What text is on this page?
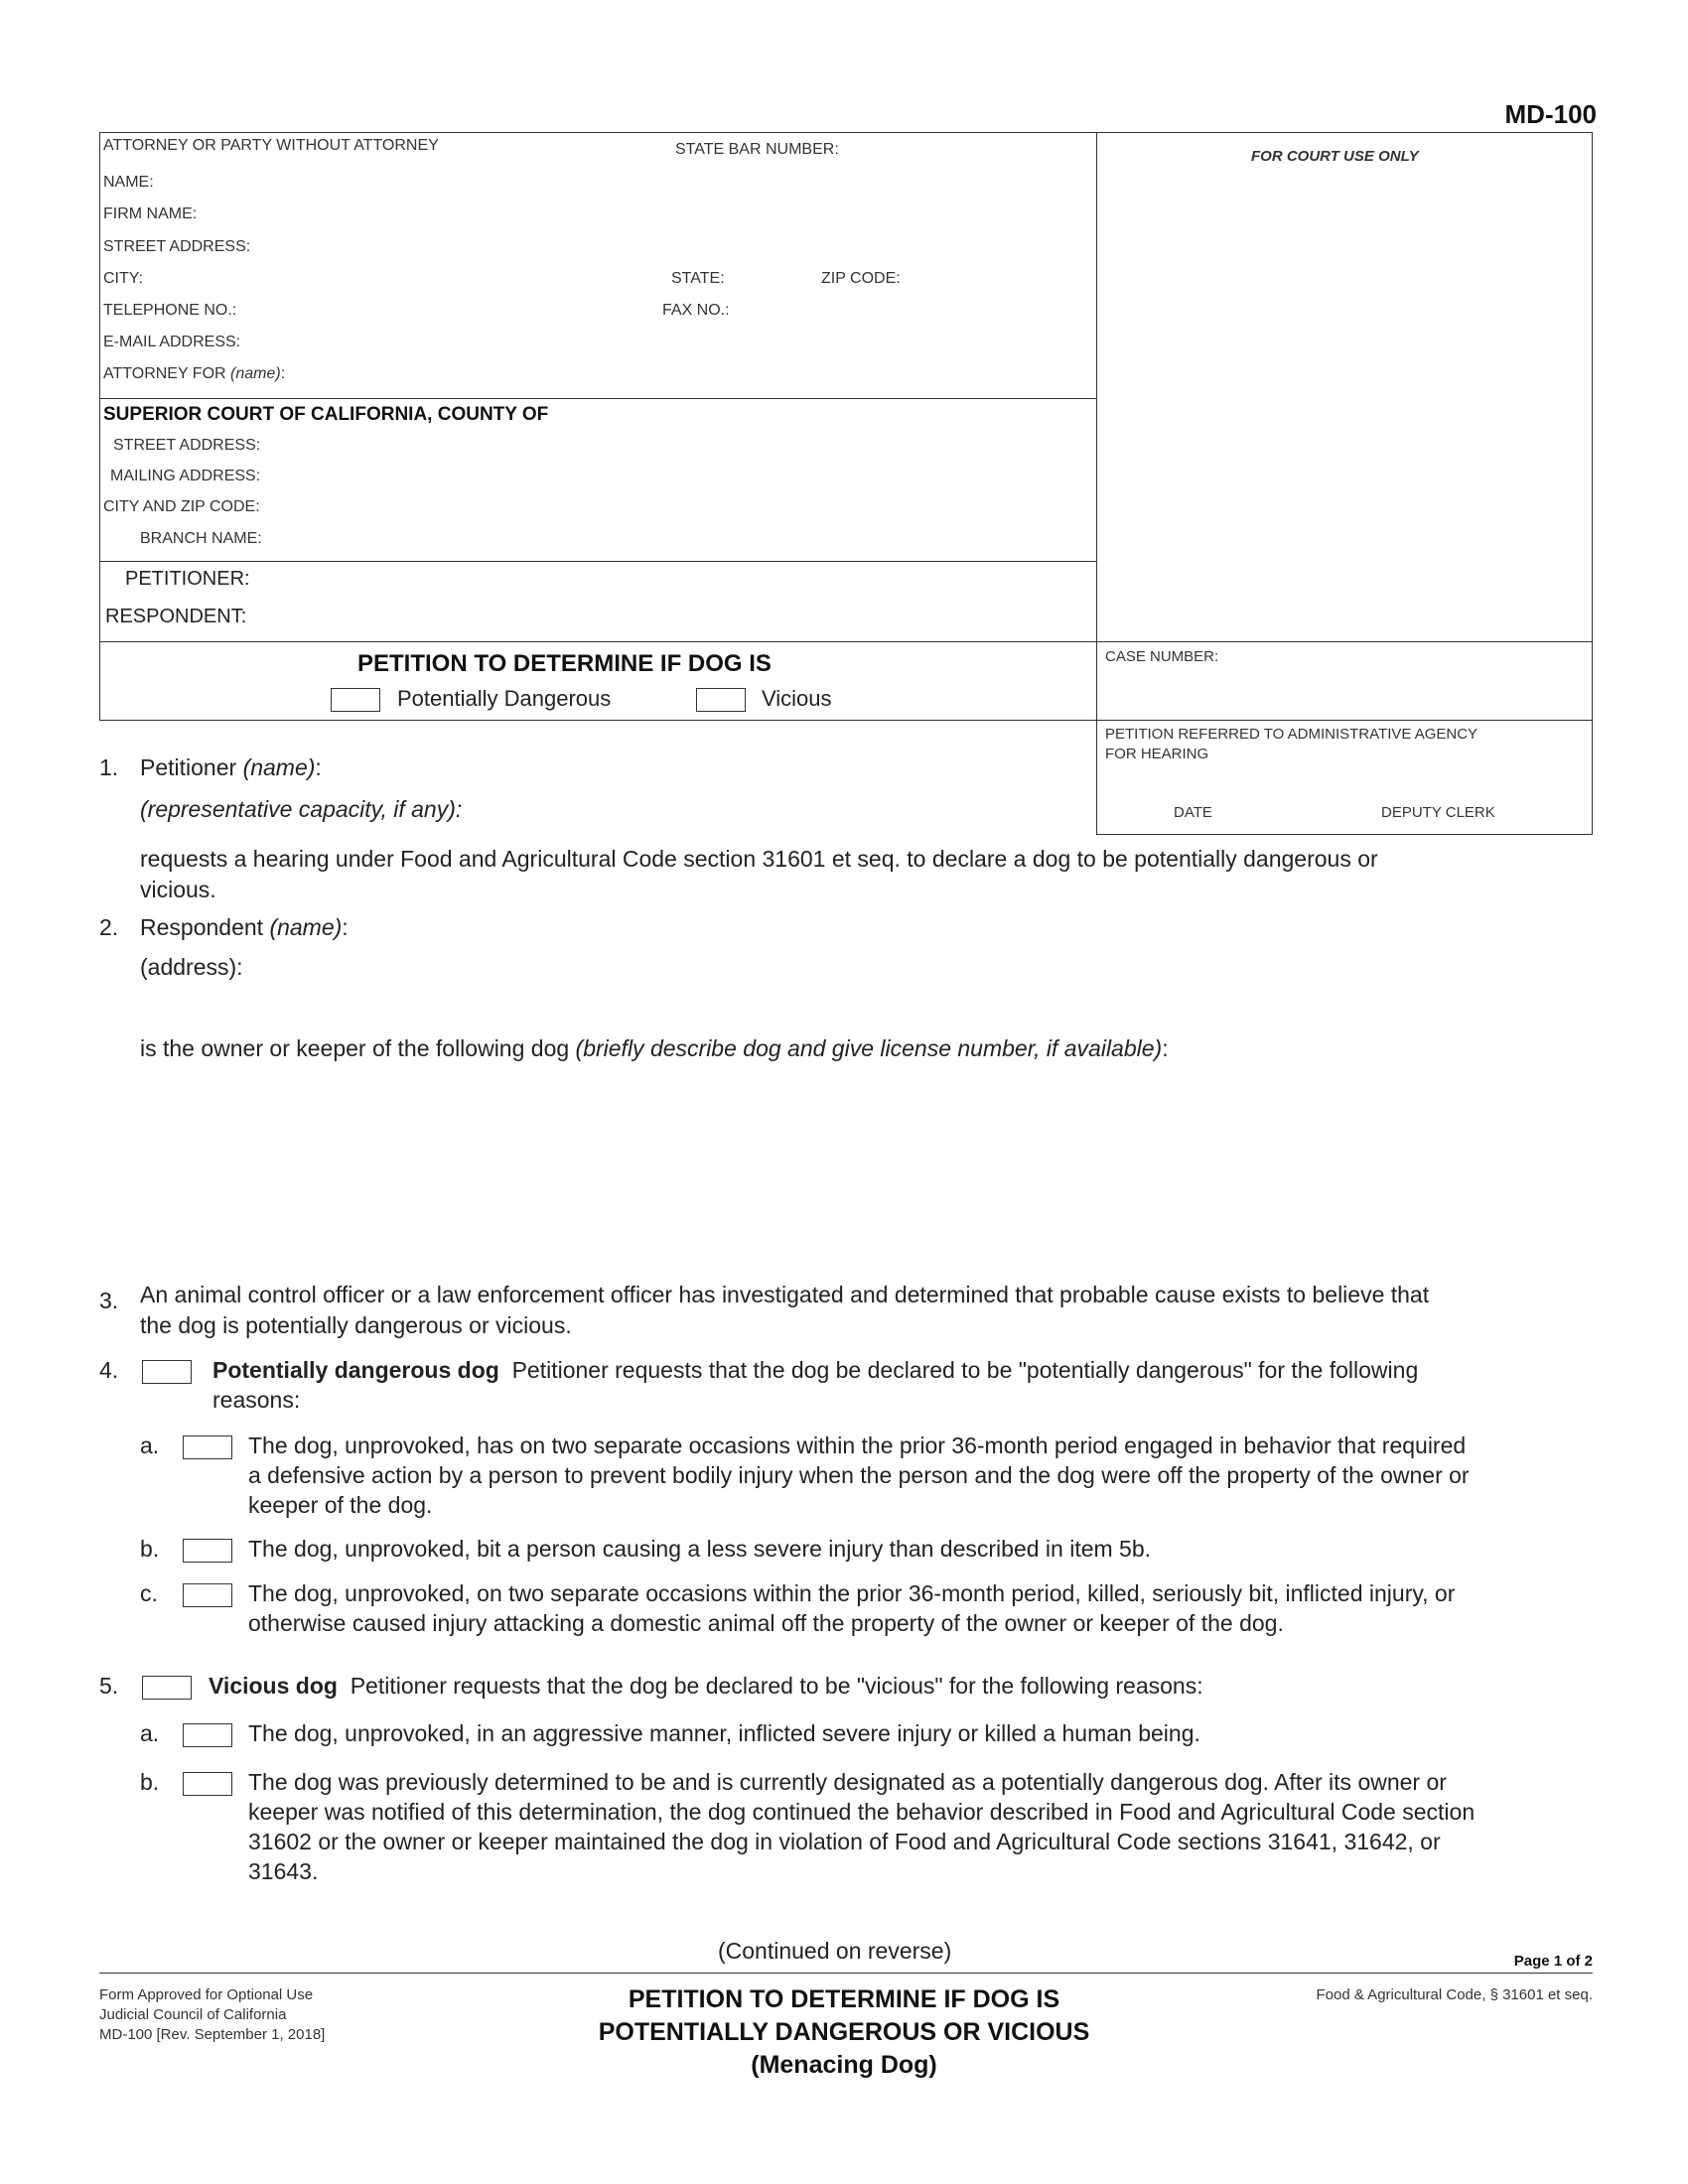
MD-100
ATTORNEY OR PARTY WITHOUT ATTORNEY	STATE BAR NUMBER:	FOR COURT USE ONLY
NAME:
FIRM NAME:
STREET ADDRESS:
CITY:	STATE:	ZIP CODE:
TELEPHONE NO.:	FAX NO.:
E-MAIL ADDRESS:
ATTORNEY FOR (name):
SUPERIOR COURT OF CALIFORNIA, COUNTY OF
STREET ADDRESS:
MAILING ADDRESS:
CITY AND ZIP CODE:
BRANCH NAME:
PETITIONER:
RESPONDENT:
PETITION TO DETERMINE IF DOG IS
Potentially Dangerous	Vicious
CASE NUMBER:
PETITION REFERRED TO ADMINISTRATIVE AGENCY
FOR HEARING
DATE	DEPUTY CLERK
1. Petitioner (name):
(representative capacity, if any):
requests a hearing under Food and Agricultural Code section 31601 et seq. to declare a dog to be potentially dangerous or
vicious.
2. Respondent (name):
(address):
is the owner or keeper of the following dog (briefly describe dog and give license number, if available):
3. An animal control officer or a law enforcement officer has investigated and determined that probable cause exists to believe that
the dog is potentially dangerous or vicious.
4.	Potentially dangerous dog Petitioner requests that the dog be declared to be "potentially dangerous" for the following
reasons:
a.	The dog, unprovoked, has on two separate occasions within the prior 36-month period engaged in behavior that required
a defensive action by a person to prevent bodily injury when the person and the dog were off the property of the owner or
keeper of the dog.
b.	The dog, unprovoked, bit a person causing a less severe injury than described in item 5b.
c.	The dog, unprovoked, on two separate occasions within the prior 36-month period, killed, seriously bit, inflicted injury, or
otherwise caused injury attacking a domestic animal off the property of the owner or keeper of the dog.
5.	Vicious dog Petitioner requests that the dog be declared to be "vicious" for the following reasons:
a.	The dog, unprovoked, in an aggressive manner, inflicted severe injury or killed a human being.
b.	The dog was previously determined to be and is currently designated as a potentially dangerous dog. After its owner or
keeper was notified of this determination, the dog continued the behavior described in Food and Agricultural Code section
31602 or the owner or keeper maintained the dog in violation of Food and Agricultural Code sections 31641, 31642, or
31643.
(Continued on reverse)	Page 1 of 2
Form Approved for Optional Use
Judicial Council of California
MD-100 [Rev. September 1, 2018]
PETITION TO DETERMINE IF DOG IS
POTENTIALLY DANGEROUS OR VICIOUS
(Menacing Dog)
Food & Agricultural Code, § 31601 et seq.
